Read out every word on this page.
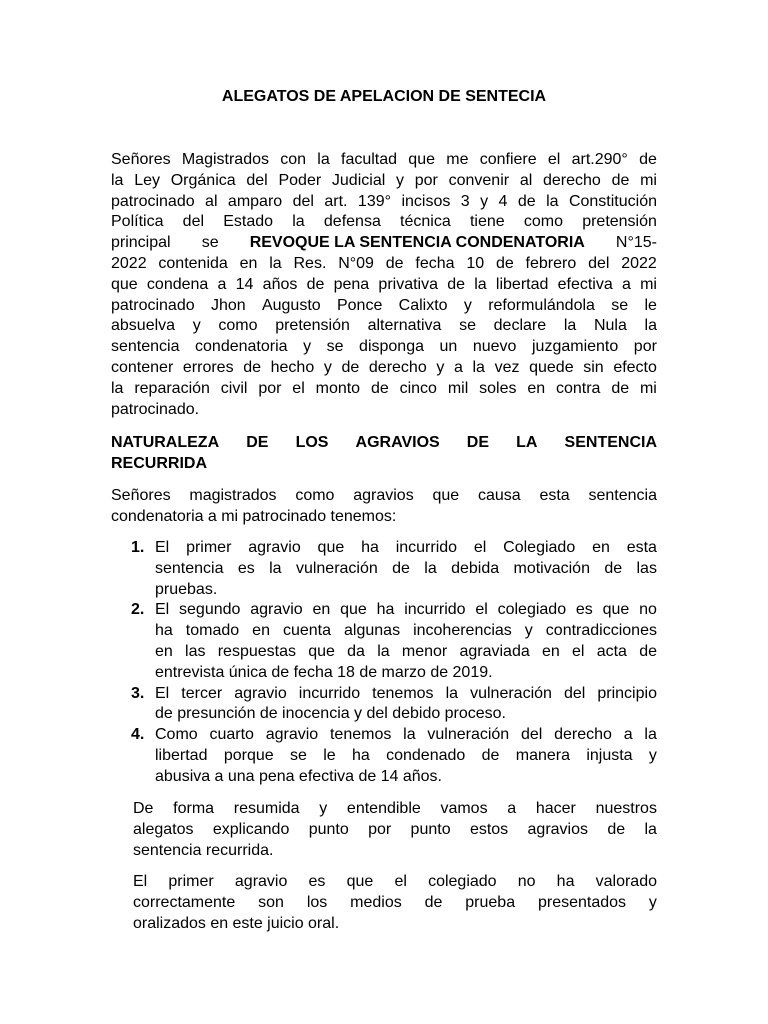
ALEGATOS DE APELACION DE SENTECIA
Señores Magistrados con la facultad que me confiere el art.290° de
la Ley Orgánica del Poder Judicial y por convenir al derecho de mi
patrocinado al amparo del art. 139° incisos 3 y 4 de la Constitución
Política del Estado la defensa técnica tiene como pretensión
principal se REVOQUE LA SENTENCIA CONDENATORIA N°15-
2022 contenida en la Res. N°09 de fecha 10 de febrero del 2022
que condena a 14 años de pena privativa de la libertad efectiva a mi
patrocinado Jhon Augusto Ponce Calixto y reformulándola se le
absuelva y como pretensión alternativa se declare la Nula la
sentencia condenatoria y se disponga un nuevo juzgamiento por
contener errores de hecho y de derecho y a la vez quede sin efecto
la reparación civil por el monto de cinco mil soles en contra de mi
patrocinado.
NATURALEZA DE LOS AGRAVIOS DE LA SENTENCIA
RECURRIDA
Señores magistrados como agravios que causa esta sentencia
condenatoria a mi patrocinado tenemos:
1. El primer agravio que ha incurrido el Colegiado en esta
sentencia es la vulneración de la debida motivación de las
pruebas.
2. El segundo agravio en que ha incurrido el colegiado es que no
ha tomado en cuenta algunas incoherencias y contradicciones
en las respuestas que da la menor agraviada en el acta de
entrevista única de fecha 18 de marzo de 2019.
3. El tercer agravio incurrido tenemos la vulneración del principio
de presunción de inocencia y del debido proceso.
4. Como cuarto agravio tenemos la vulneración del derecho a la
libertad porque se le ha condenado de manera injusta y
abusiva a una pena efectiva de 14 años.
De forma resumida y entendible vamos a hacer nuestros
alegatos explicando punto por punto estos agravios de la
sentencia recurrida.
El primer agravio es que el colegiado no ha valorado
correctamente son los medios de prueba presentados y
oralizados en este juicio oral.
